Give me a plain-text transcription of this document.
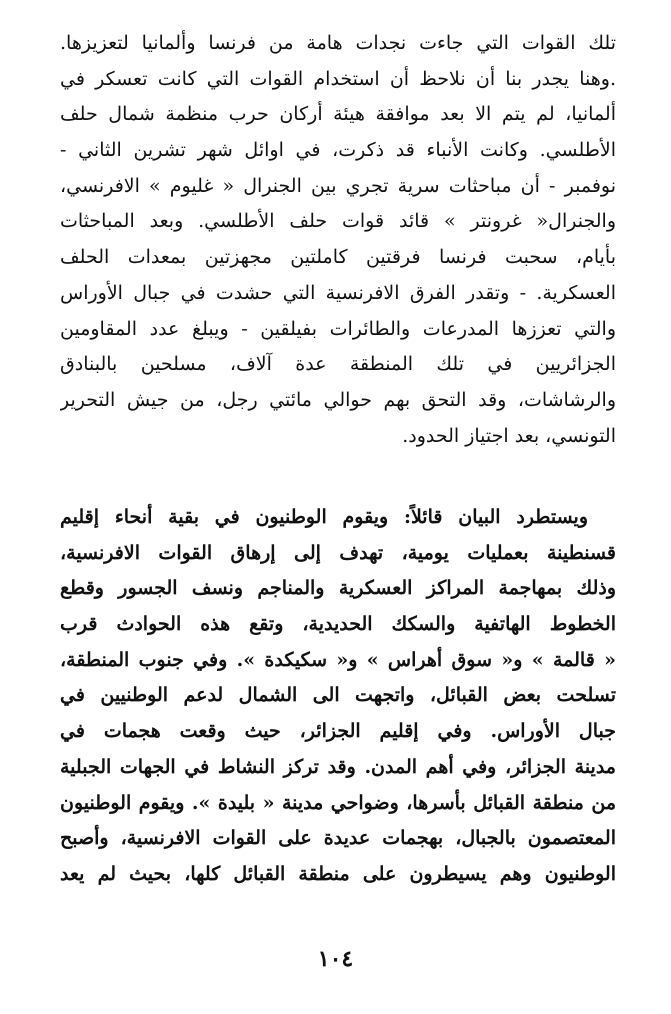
تلك القوات التي جاءت نجدات هامة من فرنسا وألمانيا لتعزيزها.
.وهنا يجدر بنا أن نلاحظ أن استخدام القوات التي كانت تعسكر في
ألمانيا، لم يتم الا بعد موافقة هيئة أركان حرب منظمة شمال حلف
الأطلسي. وكانت الأنباء قد ذكرت، في اوائل شهر تشرين الثاني -
نوفمبر - أن مباحثات سرية تجري بين الجنرال « غليوم » الافرنسي،
والجنرال« غرونتر » قائد قوات حلف الأطلسي. وبعد المباحثات
بأيام، سحبت فرنسا فرقتين كاملتين مجهزتين بمعدات الحلف
العسكرية. - وتقدر الفرق الافرنسية التي حشدت في جبال الأوراس
والتي تعززها المدرعات والطائرات بفيلقين - ويبلغ عدد المقاومين
الجزائريين في تلك المنطقة عدة آلاف، مسلحين بالبنادق
والرشاشات، وقد التحق بهم حوالي مائتي رجل، من جيش التحرير
التونسي، بعد اجتياز الحدود.
ويستطرد البيان قائلاً: ويقوم الوطنيون في بقية أنحاء إقليم
قسنطينة بعمليات يومية، تهدف إلى إرهاق القوات الافرنسية،
وذلك بمهاجمة المراكز العسكرية والمناجم ونسف الجسور وقطع
الخطوط الهاتفية والسكك الحديدية، وتقع هذه الحوادث قرب
« قالمة » و« سوق أهراس » و« سكيكدة ». وفي جنوب المنطقة،
تسلحت بعض القبائل، واتجهت الى الشمال لدعم الوطنيين في
جبال الأوراس. وفي إقليم الجزائر، حيث وقعت هجمات في
مدينة الجزائر، وفي أهم المدن. وقد تركز النشاط في الجهات الجبلية
من منطقة القبائل بأسرها، وضواحي مدينة « بليدة ». ويقوم الوطنيون
المعتصمون بالجبال، بهجمات عديدة على القوات الافرنسية، وأصبح
الوطنيون وهم يسيطرون على منطقة القبائل كلها، بحيث لم يعد
١٠٤
